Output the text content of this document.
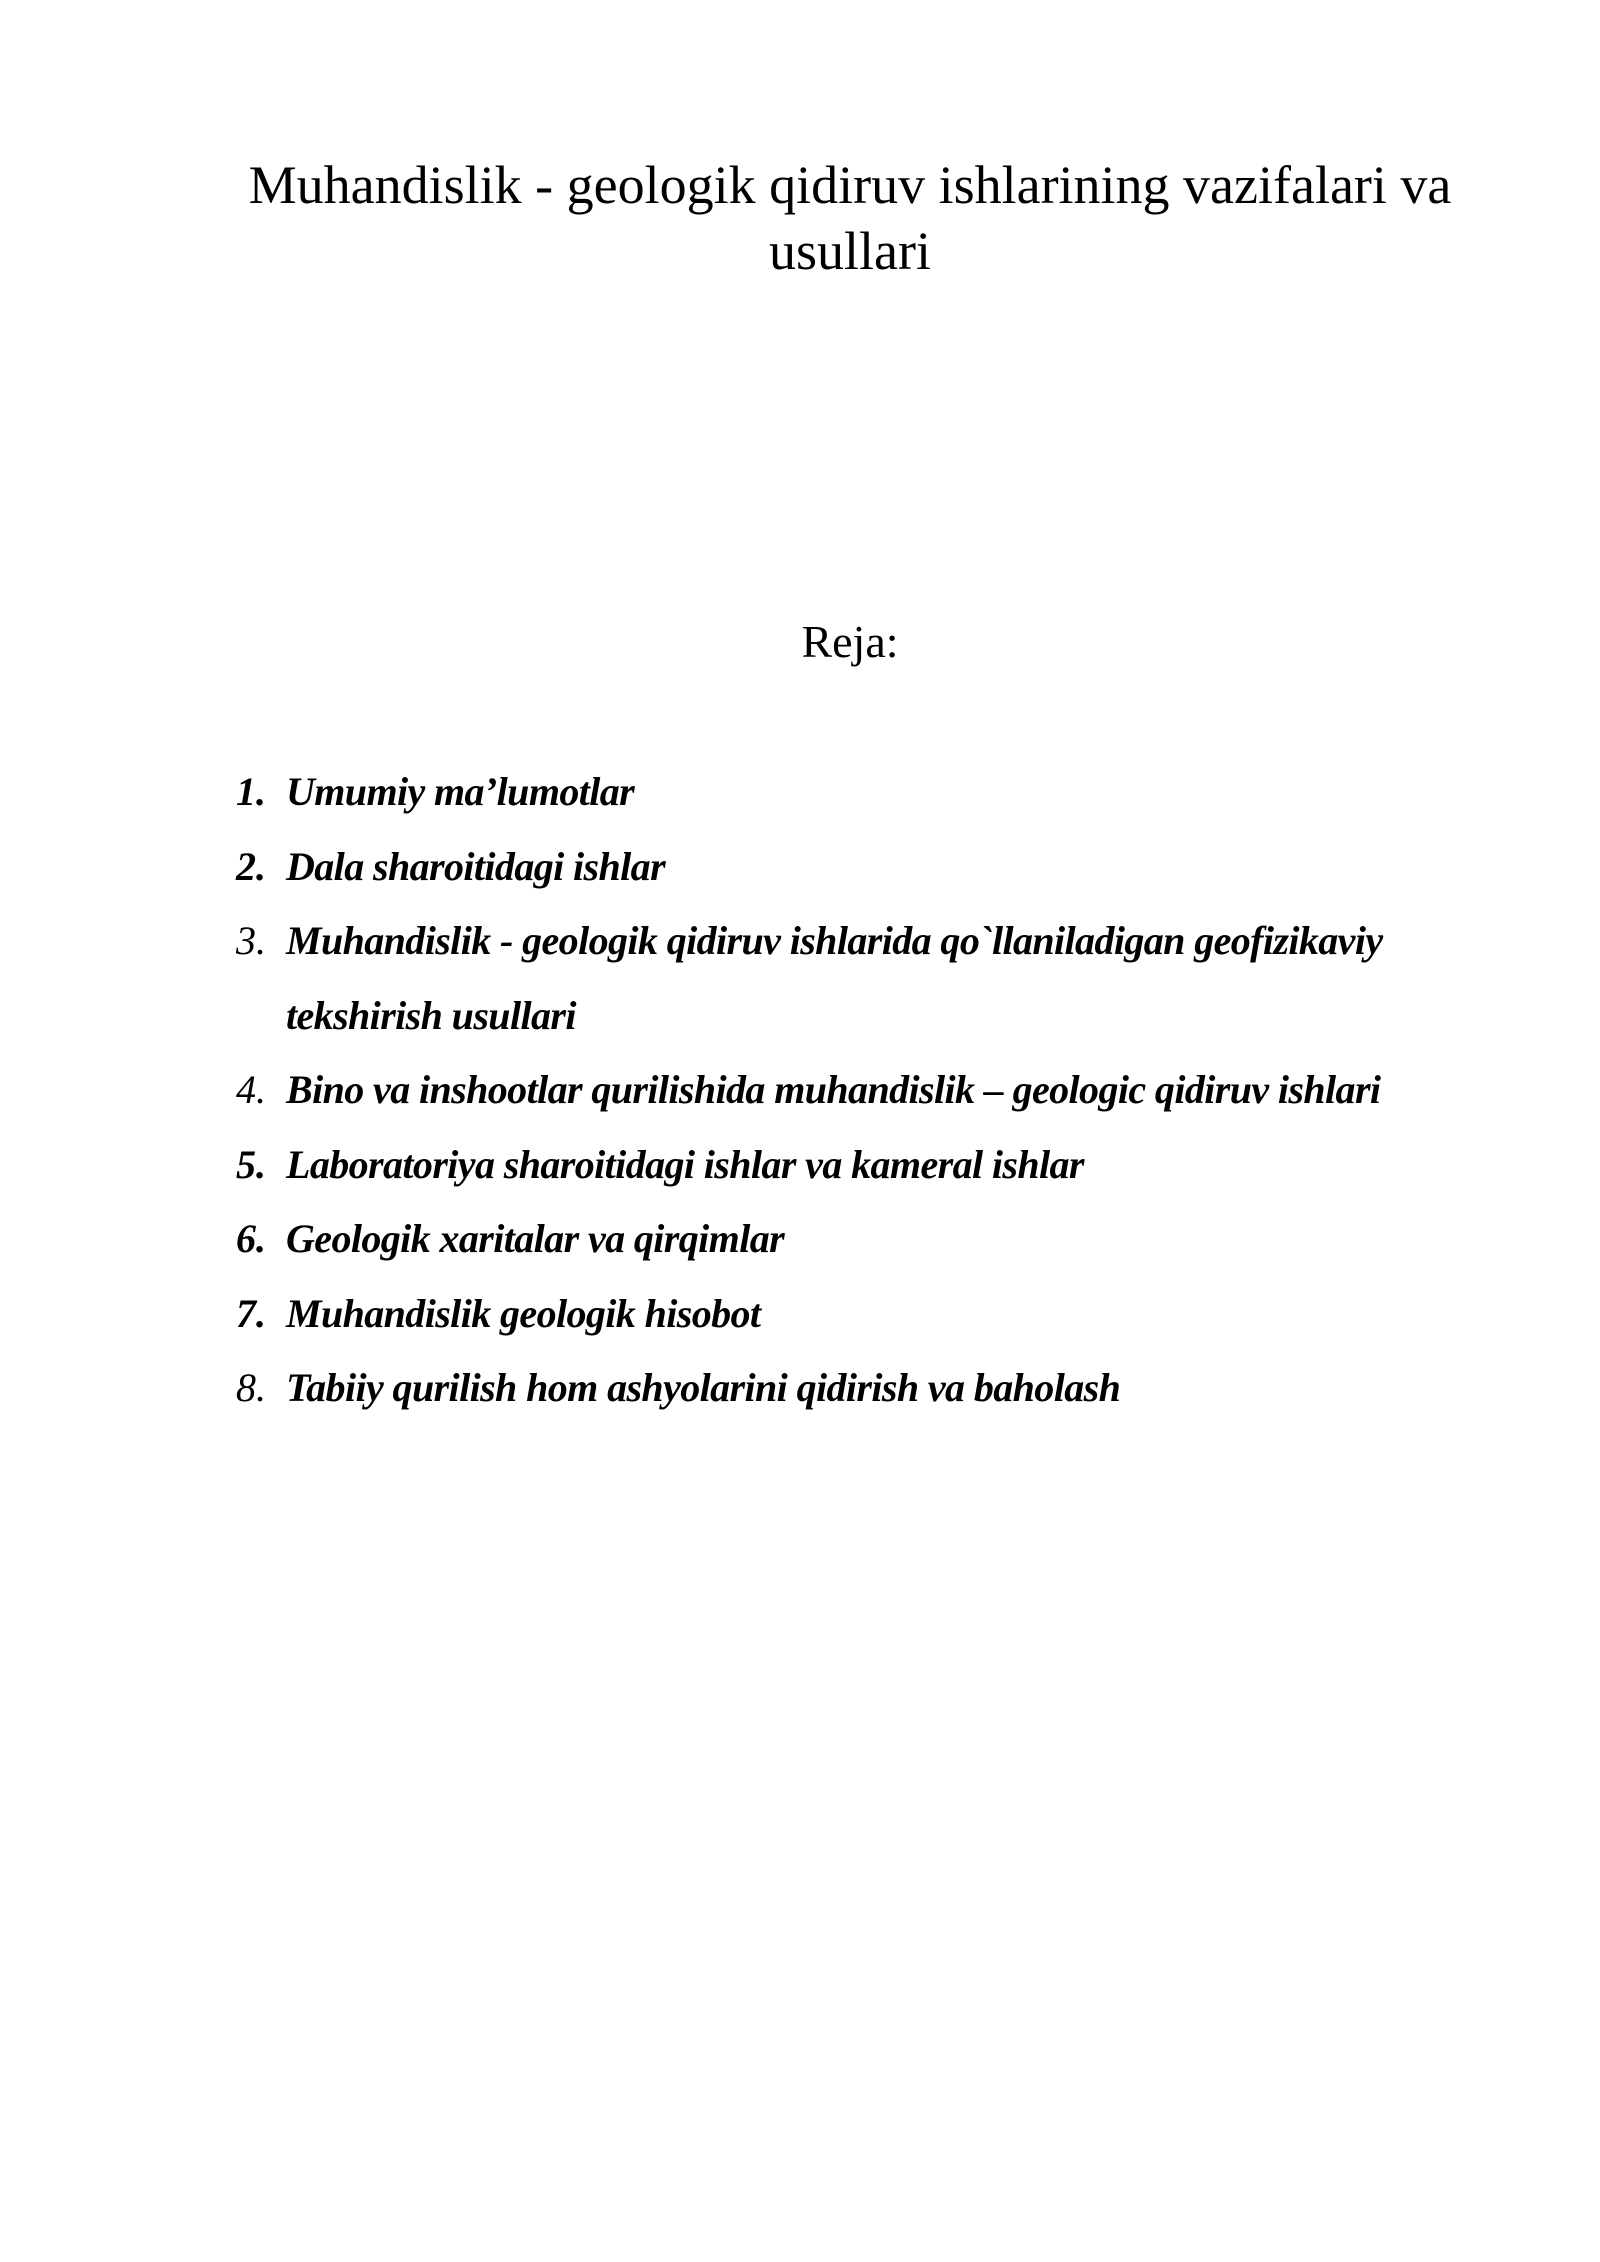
Muhandislik - geologik qidiruv ishlarining vazifalari va usullari

Reja:

1. Umumiy ma’lumotlar
2. Dala sharoitidagi ishlar
3. Muhandislik - geologik qidiruv ishlarida qo`llaniladigan geofizikaviy tekshirish usullari
4. Bino va inshootlar qurilishida muhandislik – geologic qidiruv ishlari
5. Laboratoriya sharoitidagi ishlar va kameral ishlar
6. Geologik xaritalar va qirqimlar
7. Muhandislik geologik hisobot
8. Tabiiy qurilish hom ashyolarini qidirish va baholash
